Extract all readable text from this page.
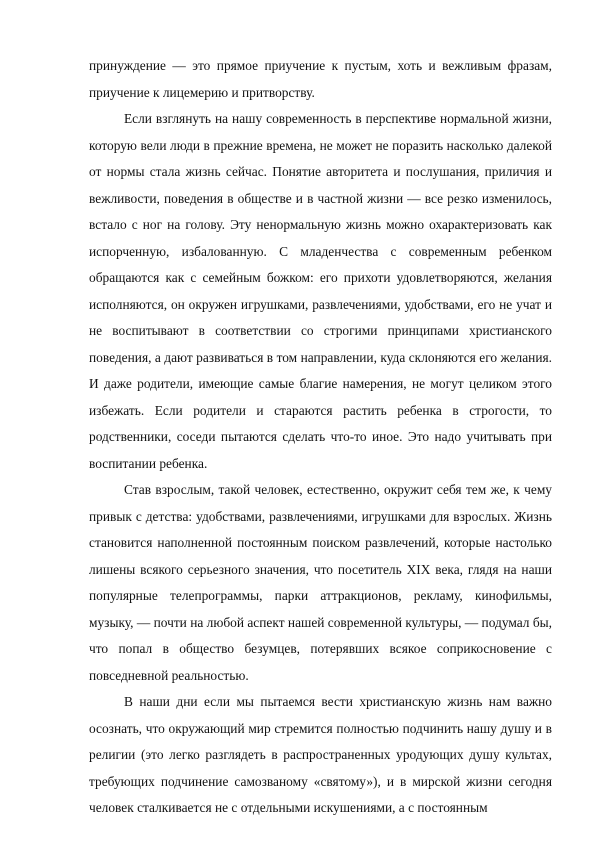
принуждение — это прямое приучение к пустым, хоть и вежливым фразам, приучение к лицемерию и притворству.

Если взглянуть на нашу современность в перспективе нормальной жизни, которую вели люди в прежние времена, не может не поразить насколько далекой от нормы стала жизнь сейчас. Понятие авторитета и послушания, приличия и вежливости, поведения в обществе и в частной жизни — все резко изменилось, встало с ног на голову. Эту ненормальную жизнь можно охарактеризовать как испорченную, избалованную. С младенчества с современным ребенком обращаются как с семейным божком: его прихоти удовлетворяются, желания исполняются, он окружен игрушками, развлечениями, удобствами, его не учат и не воспитывают в соответствии со строгими принципами христианского поведения, а дают развиваться в том направлении, куда склоняются его желания. И даже родители, имеющие самые благие намерения, не могут целиком этого избежать. Если родители и стараются растить ребенка в строгости, то родственники, соседи пытаются сделать что-то иное. Это надо учитывать при воспитании ребенка.

Став взрослым, такой человек, естественно, окружит себя тем же, к чему привык с детства: удобствами, развлечениями, игрушками для взрослых. Жизнь становится наполненной постоянным поиском развлечений, которые настолько лишены всякого серьезного значения, что посетитель XIX века, глядя на наши популярные телепрограммы, парки аттракционов, рекламу, кинофильмы, музыку, — почти на любой аспект нашей современной культуры, — подумал бы, что попал в общество безумцев, потерявших всякое соприкосновение с повседневной реальностью.

В наши дни если мы пытаемся вести христианскую жизнь нам важно осознать, что окружающий мир стремится полностью подчинить нашу душу и в религии (это легко разглядеть в распространенных уродующих душу культах, требующих подчинение самозваному «святому»), и в мирской жизни сегодня человек сталкивается не с отдельными искушениями, а с постоянным
